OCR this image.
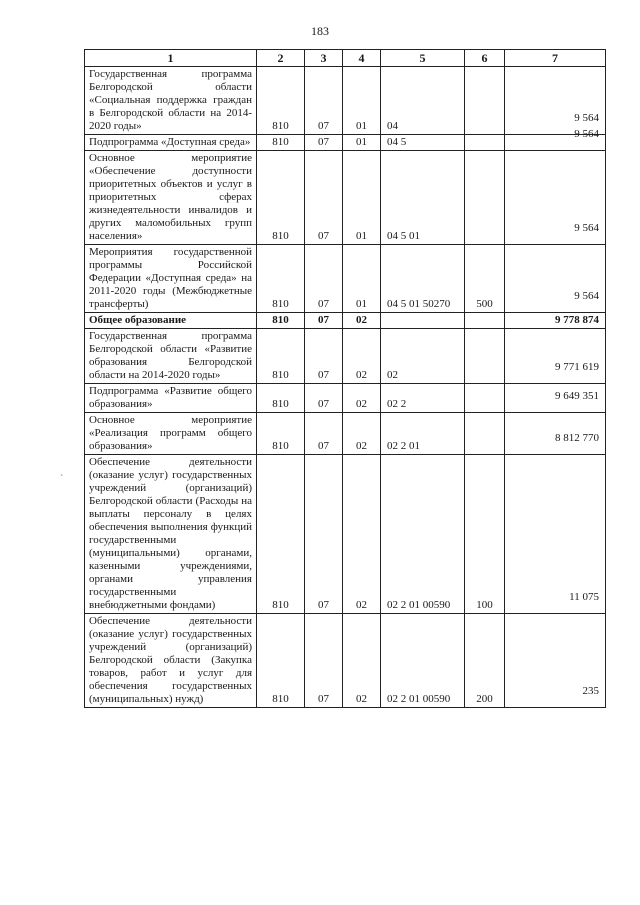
183
1	2	3	4	5	6	7
Государственная программа Белгородской области «Социальная поддержка граждан в Белгородской области на 2014-2020 годы»	810	07	01	04		9 564
Подпрограмма «Доступная среда»	810	07	01	04 5		9 564
Основное мероприятие «Обеспечение доступности приоритетных объектов и услуг в приоритетных сферах жизнедеятельности инвалидов и других маломобильных групп населения»	810	07	01	04 5 01		9 564
Мероприятия государственной программы Российской Федерации «Доступная среда» на 2011-2020 годы (Межбюджетные трансферты)	810	07	01	04 5 01 50270	500	9 564
Общее образование	810	07	02			9 778 874
Государственная программа Белгородской области «Развитие образования Белгородской области на 2014-2020 годы»	810	07	02	02		9 771 619
Подпрограмма «Развитие общего образования»	810	07	02	02 2		9 649 351
Основное мероприятие «Реализация программ общего образования»	810	07	02	02 2 01		8 812 770
Обеспечение деятельности (оказание услуг) государственных учреждений (организаций) Белгородской области (Расходы на выплаты персоналу в целях обеспечения выполнения функций государственными (муниципальными) органами, казенными учреждениями, органами управления государственными внебюджетными фондами)	810	07	02	02 2 01 00590	100	11 075
Обеспечение деятельности (оказание услуг) государственных учреждений (организаций) Белгородской области (Закупка товаров, работ и услуг для обеспечения государственных (муниципальных) нужд)	810	07	02	02 2 01 00590	200	235
`
